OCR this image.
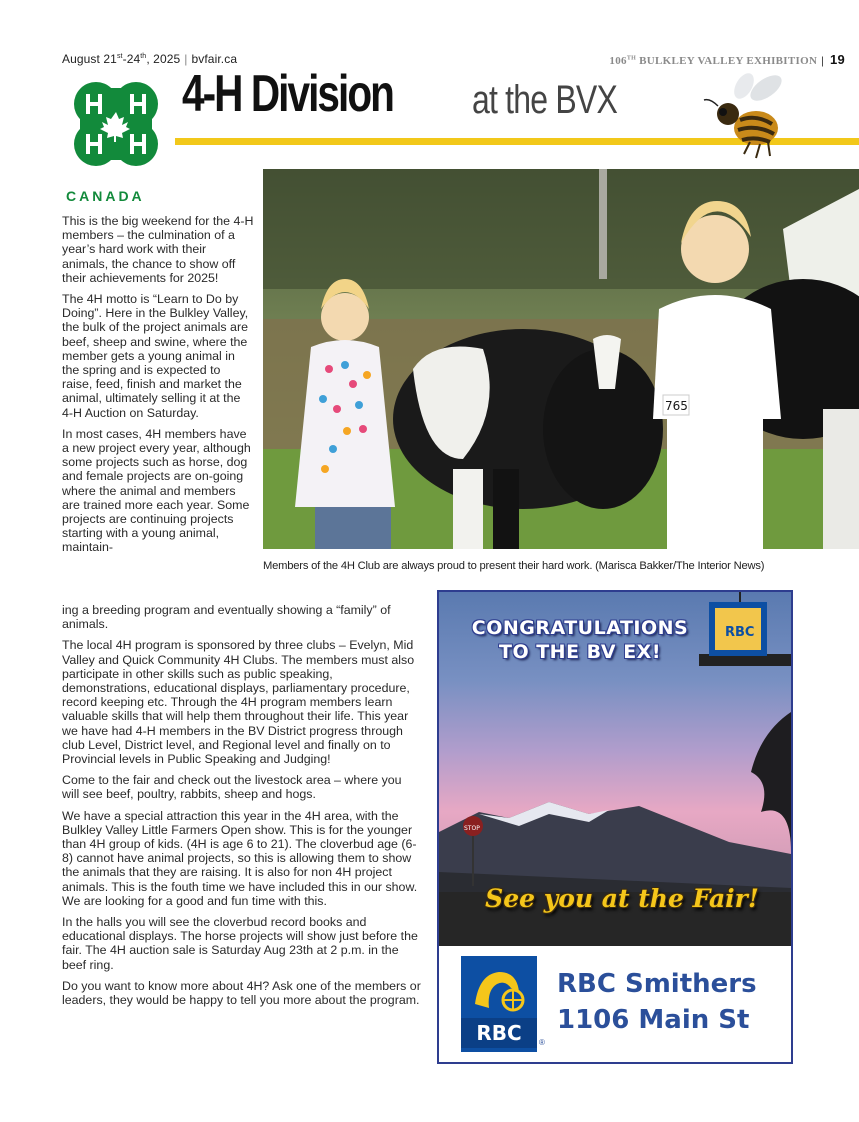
August 21st-24th, 2025 | bvfair.ca	106TH BULKLEY VALLEY EXHIBITION | 19
CANADA
4-H Division at the BVX
765
Members of the 4H Club are always proud to present their hard work. (Marisca Bakker/The Interior News)

This is the big weekend for the 4-H members – the culmination of a year’s hard work with their animals, the chance to show off their achievements for 2025!

The 4H motto is “Learn to Do by Doing”. Here in the Bulkley Valley, the bulk of the project animals are beef, sheep and swine, where the member gets a young animal in the spring and is expected to raise, feed, finish and market the animal, ultimately selling it at the 4-H Auction on Saturday.

In most cases, 4H members have a new project every year, although some projects such as horse, dog and female projects are on-going where the animal and members are trained more each year. Some projects are continuing projects starting with a young animal, maintain-

ing a breeding program and eventually showing a “family” of animals.

The local 4H program is sponsored by three clubs – Evelyn, Mid Valley and Quick Community 4H Clubs. The members must also participate in other skills such as public speaking, demonstrations, educational displays, parliamentary procedure, record keeping etc. Through the 4H program members learn valuable skills that will help them throughout their life. This year we have had 4-H members in the BV District progress through club Level, District level, and Regional level and finally on to Provincial levels in Public Speaking and Judging!

Come to the fair and check out the livestock area – where you will see beef, poultry, rabbits, sheep and hogs.

We have a special attraction this year in the 4H area, with the Bulkley Valley Little Farmers Open show. This is for the younger than 4H group of kids. (4H is age 6 to 21). The cloverbud age (6-8) cannot have animal projects, so this is allowing them to show the animals that they are raising. It is also for non 4H project animals. This is the fouth time we have included this in our show. We are looking for a good and fun time with this.

In the halls you will see the cloverbud record books and educational displays. The horse projects will show just before the fair. The 4H auction sale is Saturday Aug 23th at 2 p.m. in the beef ring.

Do you want to know more about 4H? Ask one of the members or leaders, they would be happy to tell you more about the program.

RBC
STOP
CONGRATULATIONS
TO THE BV EX!
See you at the Fair!
RBC	®
RBC Smithers
1106 Main St
